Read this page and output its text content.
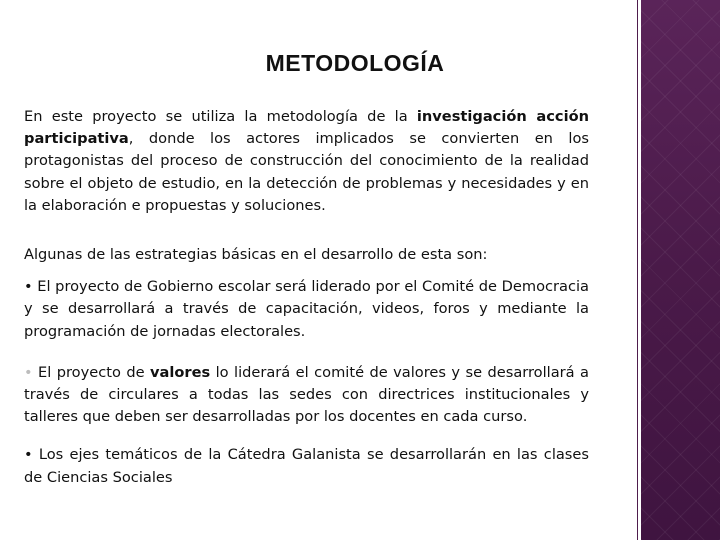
METODOLOGÍA

En este proyecto se utiliza la metodología de la investigación acción participativa, donde los actores implicados se convierten en los protagonistas del proceso de construcción del conocimiento de la realidad sobre el objeto de estudio, en la detección de problemas y necesidades y en la elaboración e propuestas y soluciones.

Algunas de las estrategias básicas en el desarrollo de esta son:

• El proyecto de Gobierno escolar será liderado por el Comité de Democracia y se desarrollará a través de capacitación, videos, foros y mediante la programación de jornadas electorales.

• El proyecto de valores lo liderará el comité de valores y se desarrollará a través de circulares a todas las sedes con directrices institucionales y talleres que deben ser desarrolladas por los docentes en cada curso.

• Los ejes temáticos de la Cátedra Galanista se desarrollarán en las clases de Ciencias Sociales
